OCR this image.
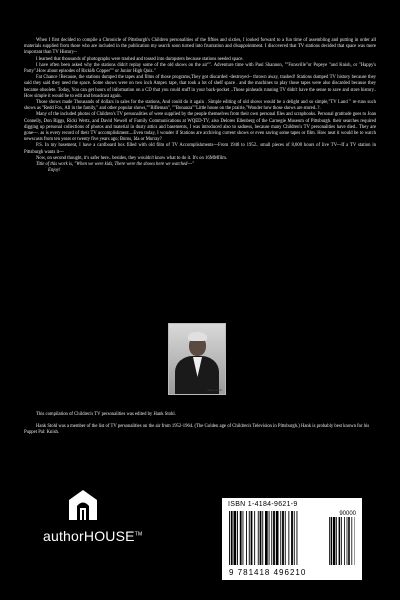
When I first decided to compile a Chronicle of Pittsburgh's Children personalities of the fifties and sixties, I looked forward to a fun time of assembling and putting in order all materials supplied from those who are included in the publication my search soon turned into frustration and disappointment. I discovered that TV stations decided that space was more important than TV History--

I learned that thousands of photographs were trashed and tossed into dumpsters because stations needed space.

I have often been asked why the stations didn't replay some of the old shows on the air"". Adventure time with Paul Shannon, ""Funsville"or Popeye "and Knish, or "Happy's Party".How about episodes of Ricki& Copper"" or Junior High Quiz."

Fat Chance !Because, the stations dumped the tapes and films of those programs,They got discarded -destroyed-- thrown away, trashed! Stations dumped TV history because they said they said they need the space. Some shows were on two inch Ampex tape, that took a lot of shelf space . and the machines to play those tapes were also discarded because they became obsolete. Today, You can get hours of information on a CD that you could stuff in your back-pocket ..Those pinheads running TV didn't have the sense to save and store history.. How simple it would be to edit and broadcast again.

Those shows made Thousands of dollars in sales for the stations, And could do it again . Simple editing of old shows would be a delight and so simple,"TV Land " re-runs such shows as "Redd Fox, All in the family," and other popular shows,""Rifleman", ""Bonanza""Little house on the prairie,"Wonder how those shows are stored..?.

Many of the included photos of Children's TV personalities of were supplied by the people themselves from their own personal files and scrapbooks. Personal gratitude goes to Joan Connelly, Don Riggs, Ricki Wertz, and David Newell of Family Communications at WQED-TV, also Delores Ellenberg of the Carnegie Museum of Pittsburgh. their searches required digging up personal collections of photos and material in dusty attics and basements, I was introduced also to sadness, because many Children's TV personalities have died.. They are gone---. as is every record of their TV accomplishment....Even today, I wonder if Stations are archiving current shows or even saving some tapes or film. How neat it would be to watch newscasts from ten years or twenty five years ago; Burns, Ida or Murray?

P.S. In my basement, I have a cardboard box filled with old film of TV Accomplishments---From 1948 to 1952.. small pieces of 8,000 hours of live TV---If a TV station in Pittsburgh wants it---

Now, on second thought, it's safer here.. besides, they wouldn't know what to do it. It's on 16MMfilm.

Title of this work is, "When we were kids, There were the shows here we watched---"

Enjoy!

photo credit

This compilation of Children's TV personalities was edited by Hank Stohl.

Hank Stohl was a member of the list of TV personalities on the air from 1952-1964. (The Golden age of Children's Television in Pittsburgh.) Hank is probably best known for his Puppet Pal: Knish.

authorHOUSE™
ISBN 1-4184-9621-9
90000
9 781418 496210
